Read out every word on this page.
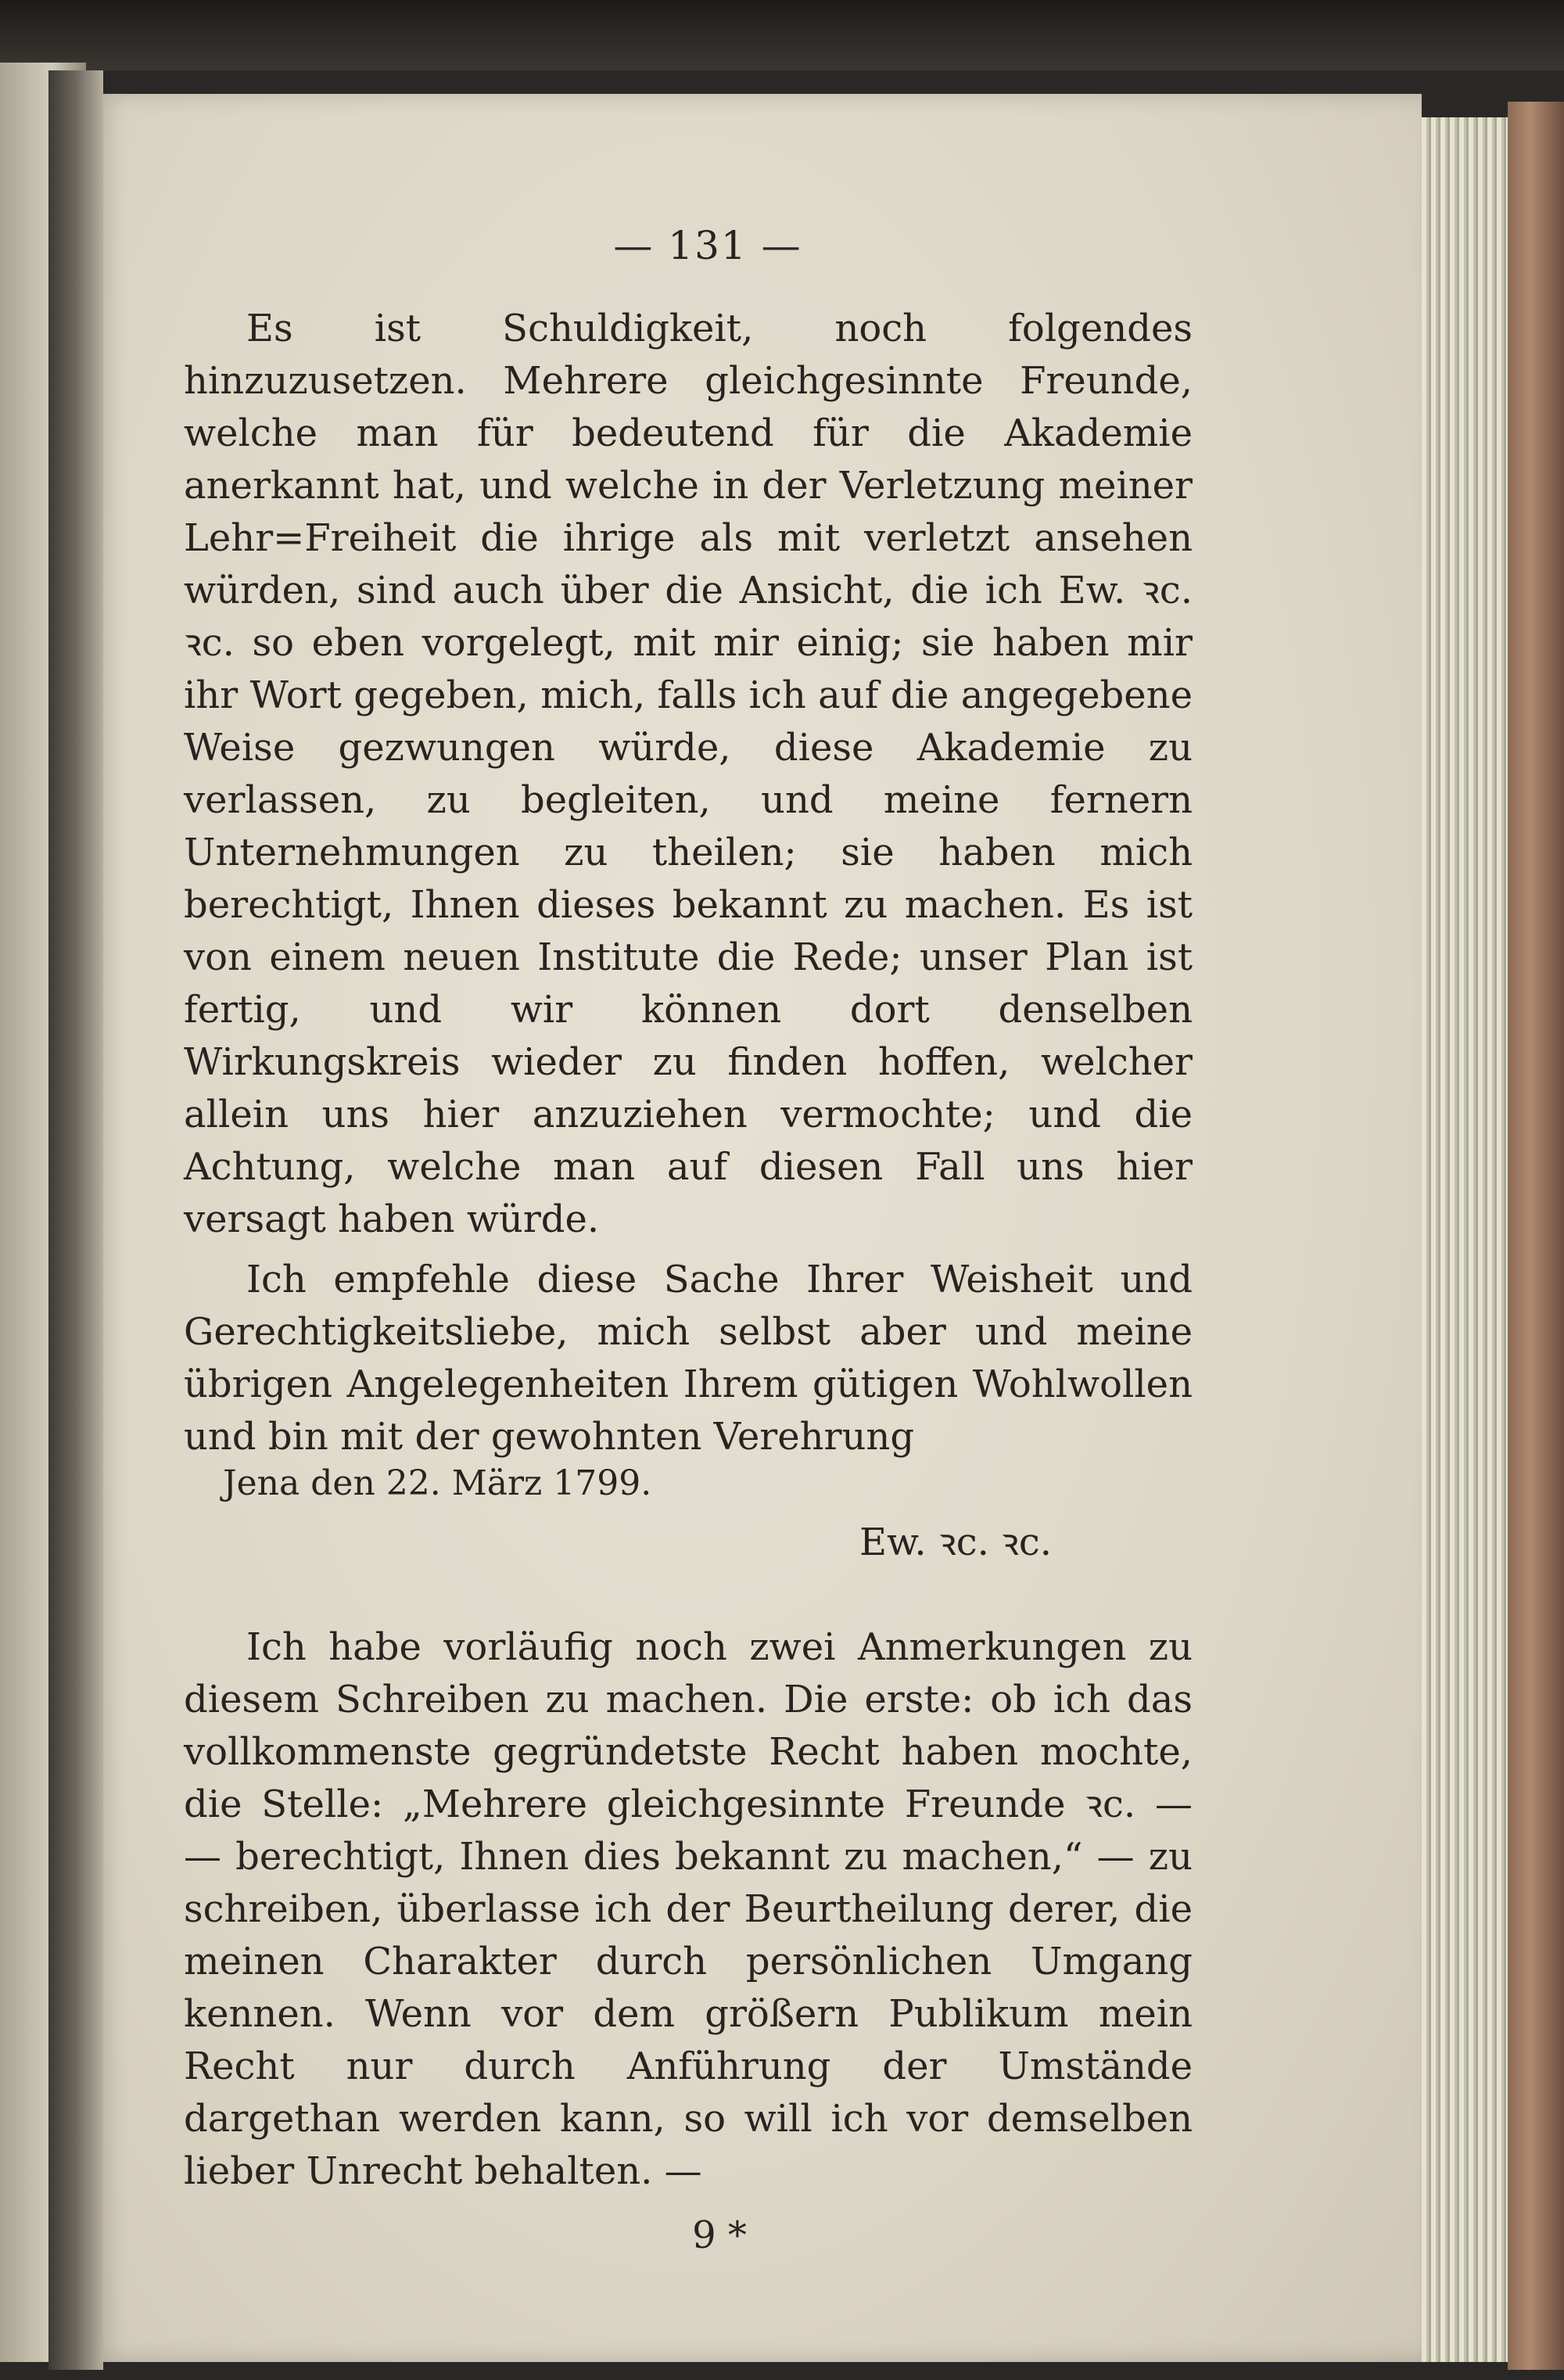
— 131 —

Es ist Schuldigkeit, noch folgendes hinzuzusetzen. Mehrere gleichgesinnte Freunde, welche man für bedeutend für die Akademie anerkannt hat, und welche in der Verletzung meiner Lehr=Freiheit die ihrige als mit verletzt ansehen würden, sind auch über die Ansicht, die ich Ew. ꝛc. ꝛc. so eben vorgelegt, mit mir einig; sie haben mir ihr Wort gegeben, mich, falls ich auf die angegebene Weise gezwungen würde, diese Akademie zu verlassen, zu begleiten, und meine fernern Unternehmungen zu theilen; sie haben mich berechtigt, Ihnen dieses bekannt zu machen. Es ist von einem neuen Institute die Rede; unser Plan ist fertig, und wir können dort denselben Wirkungskreis wieder zu finden hoffen, welcher allein uns hier anzuziehen vermochte; und die Achtung, welche man auf diesen Fall uns hier versagt haben würde.

Ich empfehle diese Sache Ihrer Weisheit und Gerechtigkeitsliebe, mich selbst aber und meine übrigen Angelegenheiten Ihrem gütigen Wohlwollen und bin mit der gewohnten Verehrung

Jena den 22. März 1799.
Ew. ꝛc. ꝛc.

Ich habe vorläufig noch zwei Anmerkungen zu diesem Schreiben zu machen. Die erste: ob ich das vollkommenste gegründetste Recht haben mochte, die Stelle: „Mehrere gleichgesinnte Freunde ꝛc. — — berechtigt, Ihnen dies bekannt zu machen,“ — zu schreiben, überlasse ich der Beurtheilung derer, die meinen Charakter durch persönlichen Umgang kennen. Wenn vor dem größern Publikum mein Recht nur durch Anführung der Umstände dargethan werden kann, so will ich vor demselben lieber Unrecht behalten. —

9 *
